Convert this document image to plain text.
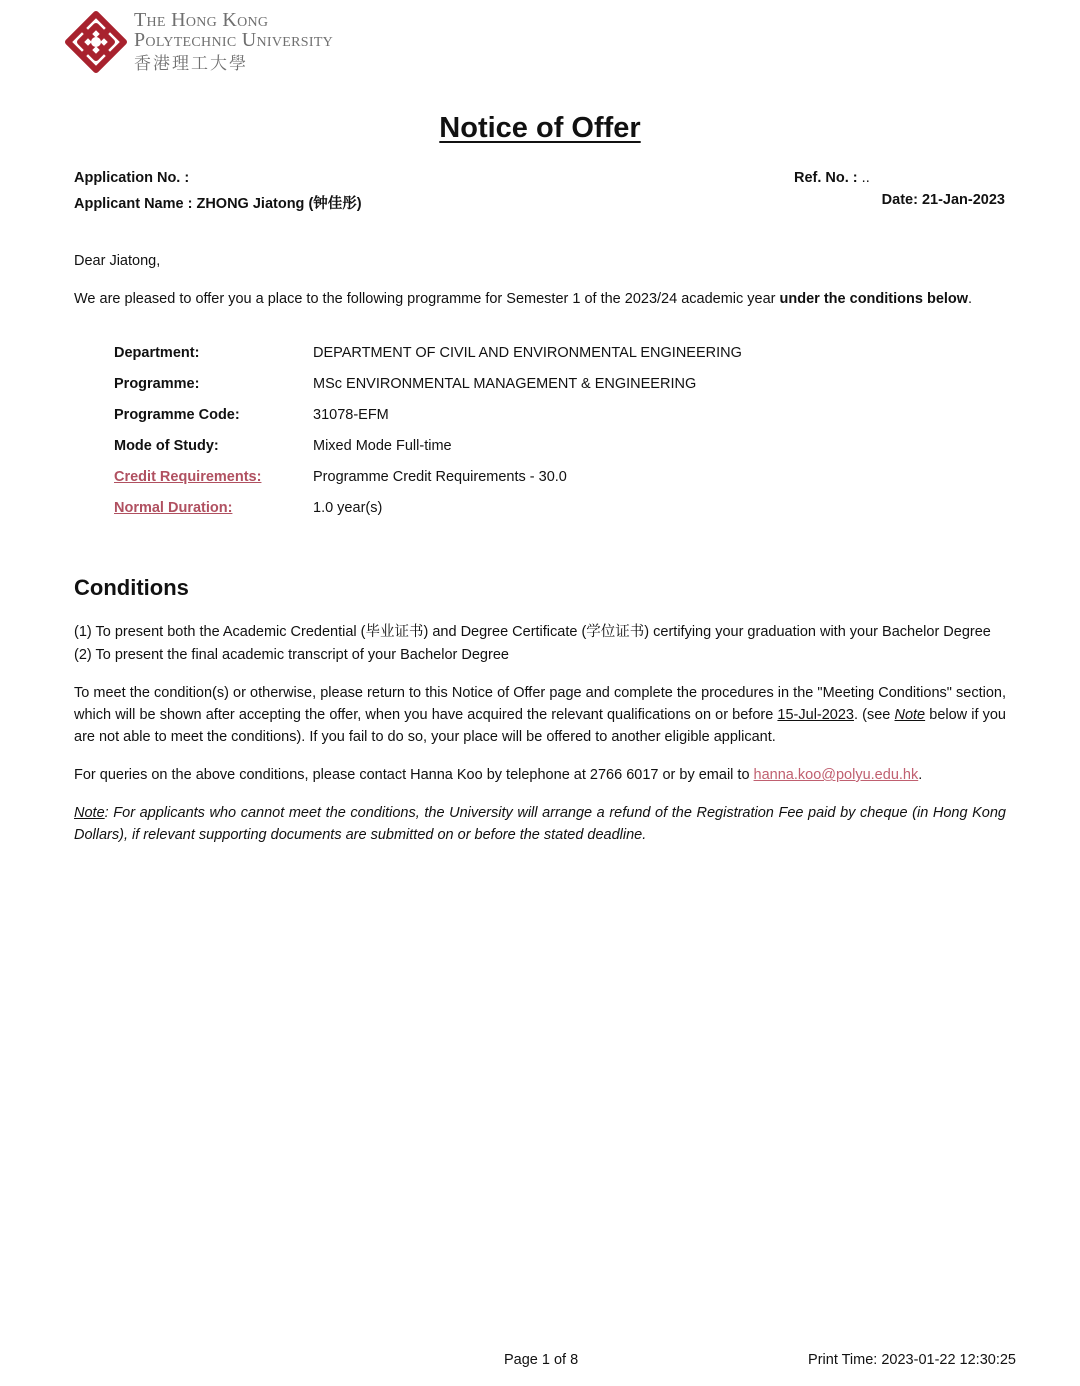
The Hong Kong
Polytechnic University
香港理工大學
Notice of Offer
Application No. :	Ref. No. : ..
Applicant Name : ZHONG Jiatong (钟佳彤)	Date: 21-Jan-2023
Dear Jiatong,
We are pleased to offer you a place to the following programme for Semester 1 of the 2023/24 academic year under the conditions below.
Department:	DEPARTMENT OF CIVIL AND ENVIRONMENTAL ENGINEERING
Programme:	MSc ENVIRONMENTAL MANAGEMENT & ENGINEERING
Programme Code:	31078-EFM
Mode of Study:	Mixed Mode Full-time
Credit Requirements:	Programme Credit Requirements - 30.0
Normal Duration:	1.0 year(s)
Conditions
(1) To present both the Academic Credential (毕业证书) and Degree Certificate (学位证书) certifying your graduation with your Bachelor Degree
(2) To present the final academic transcript of your Bachelor Degree
To meet the condition(s) or otherwise, please return to this Notice of Offer page and complete the procedures in the "Meeting Conditions" section, which will be shown after accepting the offer, when you have acquired the relevant qualifications on or before 15-Jul-2023. (see Note below if you are not able to meet the conditions). If you fail to do so, your place will be offered to another eligible applicant.
For queries on the above conditions, please contact Hanna Koo by telephone at 2766 6017 or by email to hanna.koo@polyu.edu.hk.
Note: For applicants who cannot meet the conditions, the University will arrange a refund of the Registration Fee paid by cheque (in Hong Kong Dollars), if relevant supporting documents are submitted on or before the stated deadline.
Page 1 of 8	Print Time: 2023-01-22 12:30:25
